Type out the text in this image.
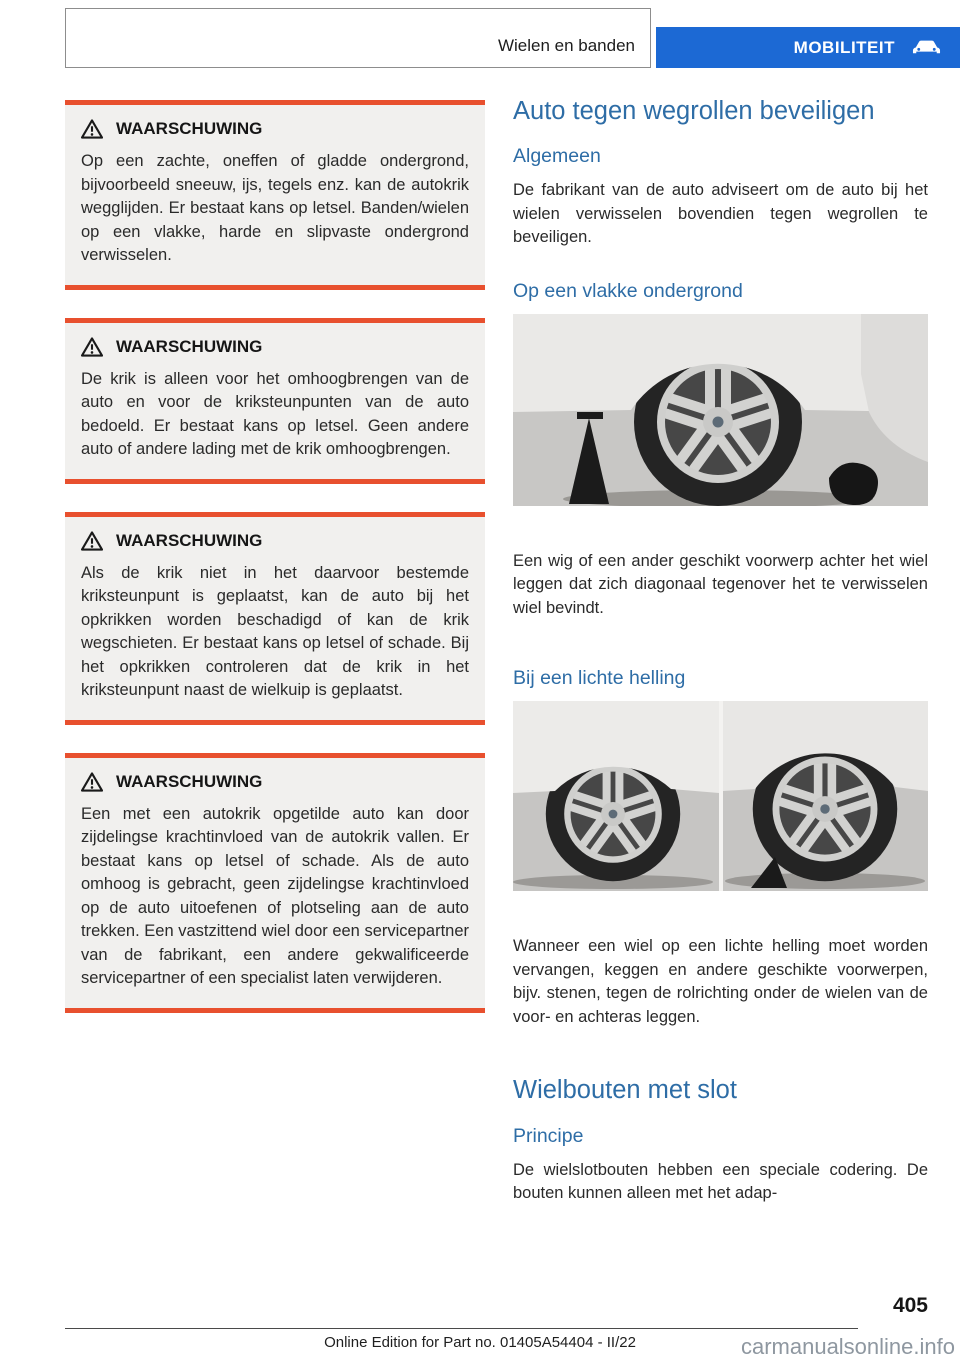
Wielen en banden	MOBILITEIT
WAARSCHUWING

Op een zachte, oneffen of gladde ondergrond, bijvoorbeeld sneeuw, ijs, tegels enz. kan de autokrik wegglijden. Er bestaat kans op letsel. Banden/wielen op een vlakke, harde en slipvaste ondergrond verwisselen.

WAARSCHUWING

De krik is alleen voor het omhoogbrengen van de auto en voor de kriksteunpunten van de auto bedoeld. Er bestaat kans op letsel. Geen andere auto of andere lading met de krik omhoogbrengen.

WAARSCHUWING

Als de krik niet in het daarvoor bestemde kriksteunpunt is geplaatst, kan de auto bij het opkrikken worden beschadigd of kan de krik wegschieten. Er bestaat kans op letsel of schade. Bij het opkrikken controleren dat de krik in het kriksteunpunt naast de wielkuip is geplaatst.

WAARSCHUWING

Een met een autokrik opgetilde auto kan door zijdelingse krachtinvloed van de autokrik vallen. Er bestaat kans op letsel of schade. Als de auto omhoog is gebracht, geen zijdelingse krachtinvloed op de auto uitoefenen of plotseling aan de auto trekken. Een vastzittend wiel door een servicepartner van de fabrikant, een andere gekwalificeerde servicepartner of een specialist laten verwijderen.

Auto tegen wegrollen beveiligen
Algemeen

De fabrikant van de auto adviseert om de auto bij het wielen verwisselen bovendien tegen wegrollen te beveiligen.

Op een vlakke ondergrond

Een wig of een ander geschikt voorwerp achter het wiel leggen dat zich diagonaal tegenover het te verwisselen wiel bevindt.

Bij een lichte helling

Wanneer een wiel op een lichte helling moet worden vervangen, keggen en andere geschikte voorwerpen, bijv. stenen, tegen de rolrichting onder de wielen van de voor- en achteras leggen.

Wielbouten met slot
Principe

De wielslotbouten hebben een speciale codering. De bouten kunnen alleen met het adap-

405
Online Edition for Part no. 01405A54404 - II/22	carmanualsonline.info
